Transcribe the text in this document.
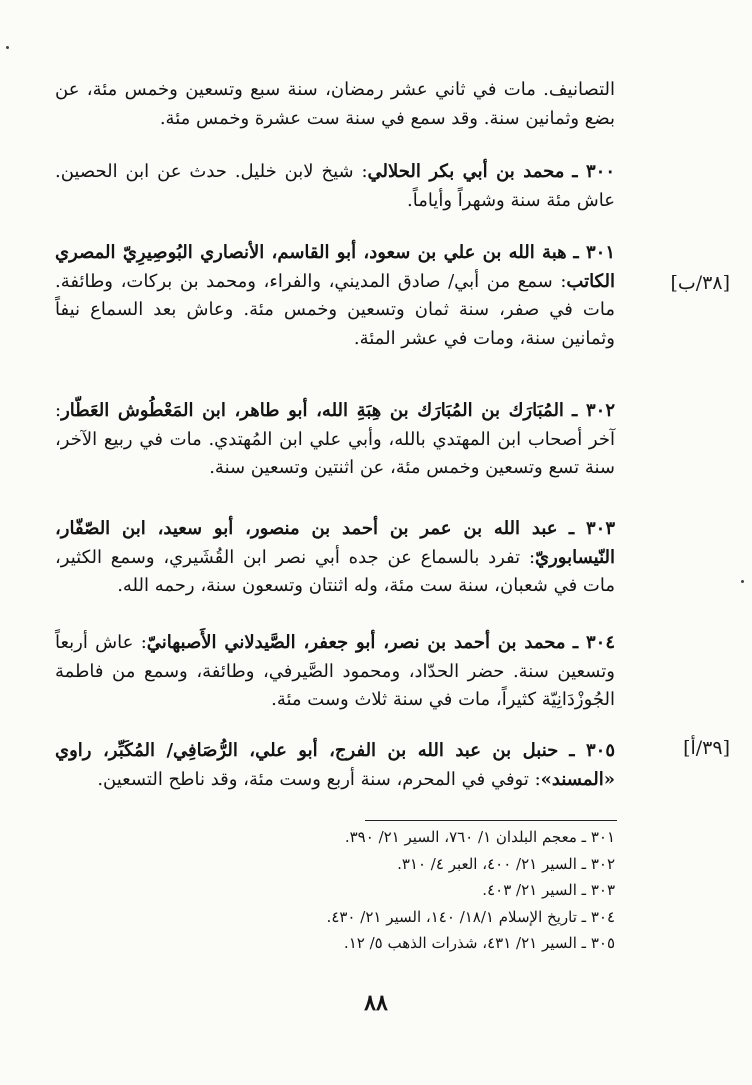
[٣٨/ب]
[٣٩/أ]

التصانيف. مات في ثاني عشر رمضان، سنة سبع وتسعين وخمس مئة، عن بضع وثمانين سنة. وقد سمع في سنة ست عشرة وخمس مئة.

٣٠٠ ـ محمد بن أبي بكر الحلالي: شيخ لابن خليل. حدث عن ابن الحصين. عاش مئة سنة وشهراً وأياماً.

٣٠١ ـ هبة الله بن علي بن سعود، أبو القاسم، الأنصاري البُوصِيرِيّ المصري الكاتب: سمع من أبي/ صادق المديني، والفراء، ومحمد بن بركات، وطائفة. مات في صفر، سنة ثمان وتسعين وخمس مئة. وعاش بعد السماع نيفاً وثمانين سنة، ومات في عشر المئة.

٣٠٢ ـ المُبَارَك بن المُبَارَك بن هِبَةِ الله، أبو طاهر، ابن المَعْطُوش العَطّار: آخر أصحاب ابن المهتدي بالله، وأبي علي ابن المُهتدي. مات في ربيع الآخر، سنة تسع وتسعين وخمس مئة، عن اثنتين وتسعين سنة.

٣٠٣ ـ عبد الله بن عمر بن أحمد بن منصور، أبو سعيد، ابن الصّفّار، النّيسابوريّ: تفرد بالسماع عن جده أبي نصر ابن القُشَيري، وسمع الكثير، مات في شعبان، سنة ست مئة، وله اثنتان وتسعون سنة، رحمه الله.

٣٠٤ ـ محمد بن أحمد بن نصر، أبو جعفر، الصَّيدلاني الأَصبهانيّ: عاش أربعاً وتسعين سنة. حضر الحدّاد، ومحمود الصَّيرفي، وطائفة، وسمع من فاطمة الجُوزْدَانِيّة كثيراً، مات في سنة ثلاث وست مئة.

٣٠٥ ـ حنبل بن عبد الله بن الفرج، أبو علي، الرُّصَافِي/ المُكَبِّر، راوي «المسند»: توفي في المحرم، سنة أربع وست مئة، وقد ناطح التسعين.

٣٠١ ـ معجم البلدان ١/ ٧٦٠، السير ٢١/ ٣٩٠.
٣٠٢ ـ السير ٢١/ ٤٠٠، العبر ٤/ ٣١٠.
٣٠٣ ـ السير ٢١/ ٤٠٣.
٣٠٤ ـ تاريخ الإسلام ١٨/١/ ١٤٠، السير ٢١/ ٤٣٠.
٣٠٥ ـ السير ٢١/ ٤٣١، شذرات الذهب ٥/ ١٢.
٨٨
